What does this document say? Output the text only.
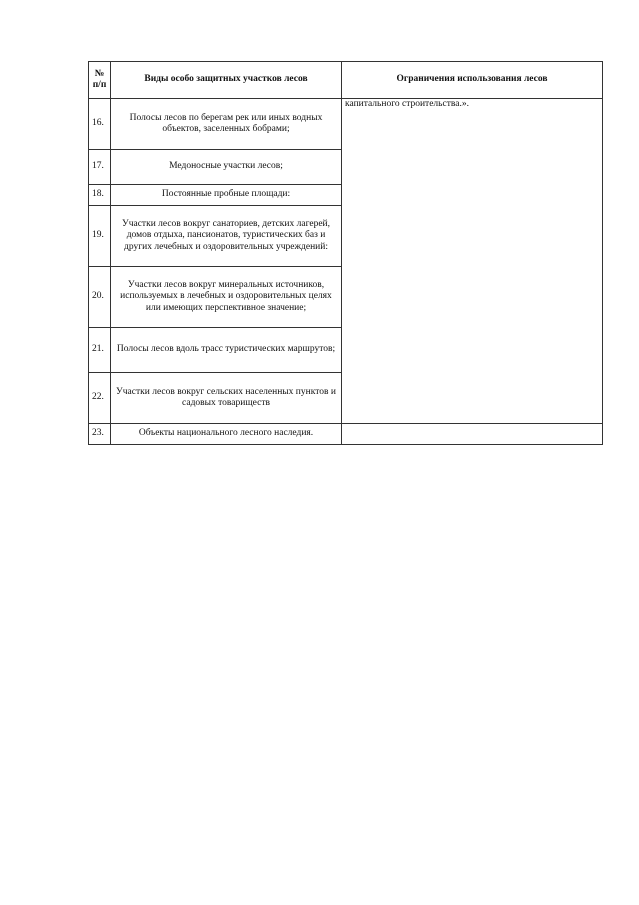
№ п/п	Виды особо защитных участков лесов	Ограничения использования лесов
16.	Полосы лесов по берегам рек или иных водных объектов, заселенных бобрами;	капитального строительства.».
17.	Медоносные участки лесов;	
18.	Постоянные пробные площади:	
19.	Участки лесов вокруг санаториев, детских лагерей, домов отдыха, пансионатов, туристических баз и других лечебных и оздоровительных учреждений:	
20.	Участки лесов вокруг минеральных источников, используемых в лечебных и оздоровительных целях или имеющих перспективное значение;	
21.	Полосы лесов вдоль трасс туристических маршрутов;	
22.	Участки лесов вокруг сельских населенных пунктов и садовых товариществ	
23.	Объекты национального лесного наследия.	
